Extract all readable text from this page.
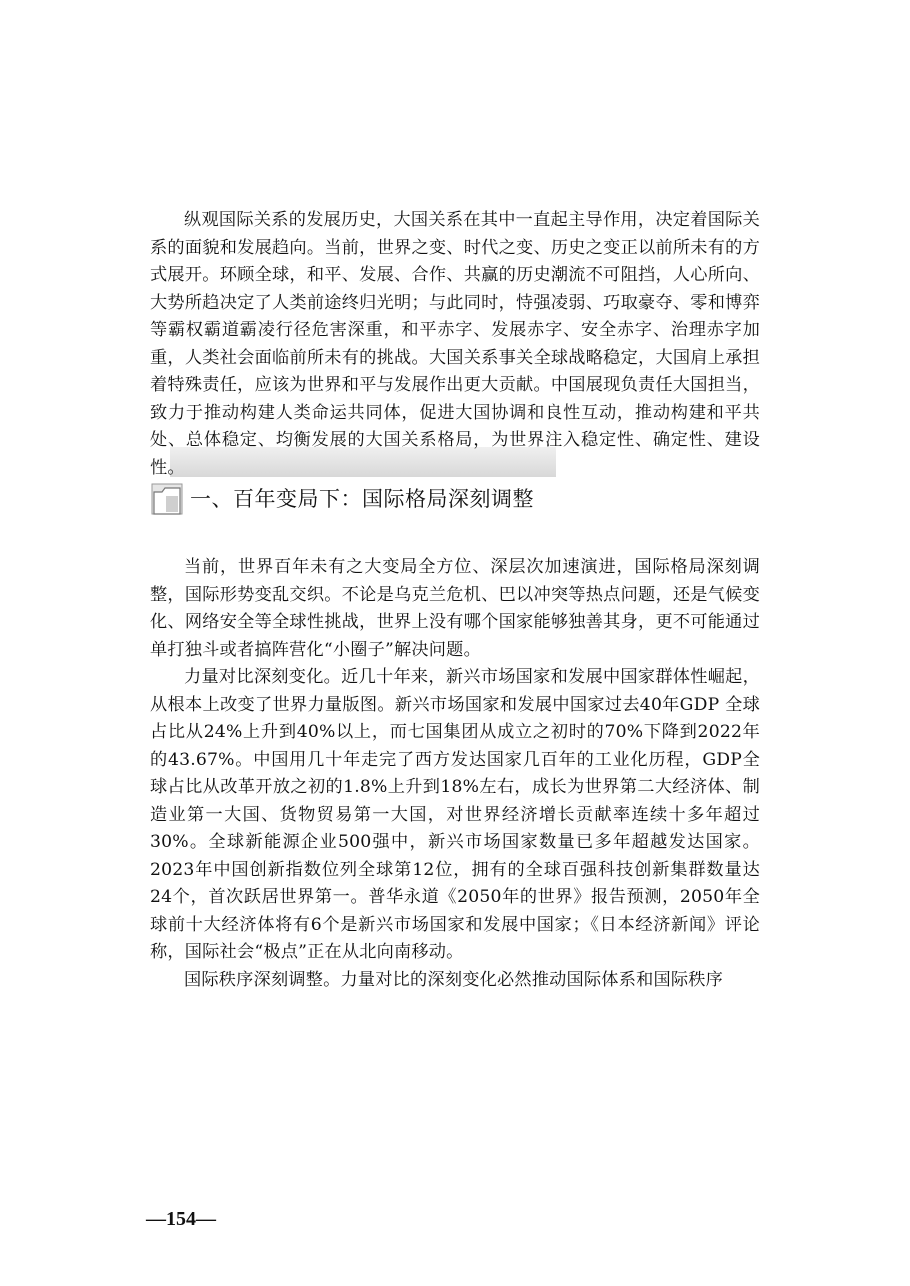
纵观国际关系的发展历史，大国关系在其中一直起主导作用，决定着国际关系的面貌和发展趋向。当前，世界之变、时代之变、历史之变正以前所未有的方式展开。环顾全球，和平、发展、合作、共赢的历史潮流不可阻挡，人心所向、大势所趋决定了人类前途终归光明；与此同时，恃强凌弱、巧取豪夺、零和博弈等霸权霸道霸凌行径危害深重，和平赤字、发展赤字、安全赤字、治理赤字加重，人类社会面临前所未有的挑战。大国关系事关全球战略稳定，大国肩上承担着特殊责任，应该为世界和平与发展作出更大贡献。中国展现负责任大国担当，致力于推动构建人类命运共同体，促进大国协调和良性互动，推动构建和平共处、总体稳定、均衡发展的大国关系格局，为世界注入稳定性、确定性、建设性。

一、百年变局下：国际格局深刻调整

当前，世界百年未有之大变局全方位、深层次加速演进，国际格局深刻调整，国际形势变乱交织。不论是乌克兰危机、巴以冲突等热点问题，还是气候变化、网络安全等全球性挑战，世界上没有哪个国家能够独善其身，更不可能通过单打独斗或者搞阵营化“小圈子”解决问题。

力量对比深刻变化。近几十年来，新兴市场国家和发展中国家群体性崛起，从根本上改变了世界力量版图。新兴市场国家和发展中国家过去40年GDP 全球占比从24%上升到40%以上，而七国集团从成立之初时的70%下降到2022年的43.67%。中国用几十年走完了西方发达国家几百年的工业化历程，GDP全球占比从改革开放之初的1.8%上升到18%左右，成长为世界第二大经济体、制造业第一大国、货物贸易第一大国，对世界经济增长贡献率连续十多年超过30%。全球新能源企业500强中，新兴市场国家数量已多年超越发达国家。2023年中国创新指数位列全球第12位，拥有的全球百强科技创新集群数量达24个，首次跃居世界第一。普华永道《2050年的世界》报告预测，2050年全球前十大经济体将有6个是新兴市场国家和发展中国家；《日本经济新闻》评论称，国际社会“极点”正在从北向南移动。

国际秩序深刻调整。力量对比的深刻变化必然推动国际体系和国际秩序

—154—
